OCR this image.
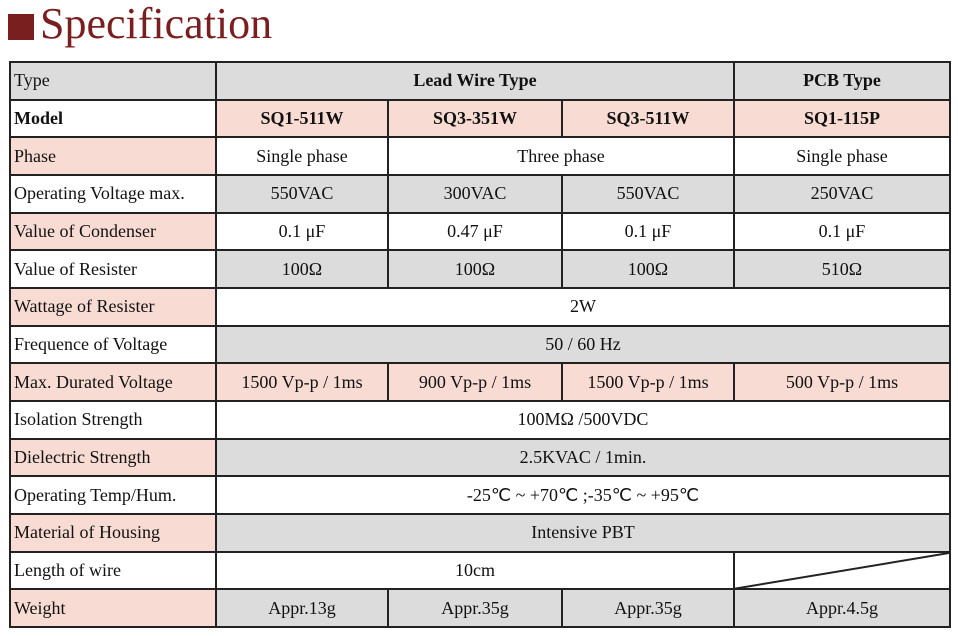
Specification
Type	Lead Wire Type			PCB Type
Model	SQ1-511W	SQ3-351W	SQ3-511W	SQ1-115P
Phase	Single phase	Three phase		Single phase
Operating Voltage max.	550VAC	300VAC	550VAC	250VAC
Value of Condenser	0.1 μF	0.47 μF	0.1 μF	0.1 μF
Value of Resister	100Ω	100Ω	100Ω	510Ω
Wattage of Resister	2W			
Frequence of Voltage	50 / 60 Hz			
Max. Durated Voltage	1500 Vp-p / 1ms	900 Vp-p / 1ms	1500 Vp-p / 1ms	500 Vp-p / 1ms
Isolation Strength	100MΩ /500VDC			
Dielectric Strength	2.5KVAC / 1min.			
Operating Temp/Hum.	-25℃ ~ +70℃ ;-35℃ ~ +95℃			
Material of Housing	Intensive PBT			
Length of wire	10cm	

Weight	Appr.13g	Appr.35g	Appr.35g	Appr.4.5g
